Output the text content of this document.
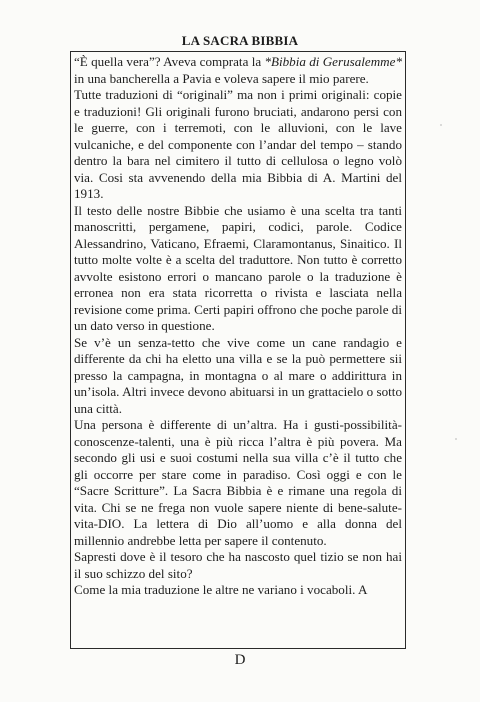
LA SACRA BIBBIA

“È quella vera”? Aveva comprata la *Bibbia di Gerusalemme* in una bancherella a Pavia e voleva sapere il mio parere.

Tutte traduzioni di “originali” ma non i primi originali: copie e traduzioni! Gli originali furono bruciati, andarono persi con le guerre, con i terremoti, con le alluvioni, con le lave vulcaniche, e del componente con l’andar del tempo – stando dentro la bara nel cimitero il tutto di cellulosa o legno volò via. Cosi sta avvenendo della mia Bibbia di A. Martini del 1913.

Il testo delle nostre Bibbie che usiamo è una scelta tra tanti manoscritti, pergamene, papiri, codici, parole. Codice Alessandrino, Vaticano, Efraemi, Claramontanus, Sinaitico. Il tutto molte volte è a scelta del traduttore. Non tutto è corretto avvolte esistono errori o mancano parole o la traduzione è erronea non era stata ricorretta o rivista e lasciata nella revisione come prima. Certi papiri offrono che poche parole di un dato verso in questione.

Se v’è un senza-tetto che vive come un cane randagio e differente da chi ha eletto una villa e se la può permettere sii presso la campagna, in montagna o al mare o addirittura in un’isola. Altri invece devono abituarsi in un grattacielo o sotto una città.

Una persona è differente di un’altra. Ha i gusti-possibilità-conoscenze-talenti, una è più ricca l’altra è più povera. Ma secondo gli usi e suoi costumi nella sua villa c’è il tutto che gli occorre per stare come in paradiso. Così oggi e con le “Sacre Scritture”. La Sacra Bibbia è e rimane una regola di vita. Chi se ne frega non vuole sapere niente di bene-salute-vita-DIO. La lettera di Dio all’uomo e alla donna del millennio andrebbe letta per sapere il contenuto.

Sapresti dove è il tesoro che ha nascosto quel tizio se non hai il suo schizzo del sito?

Come la mia traduzione le altre ne variano i vocaboli. A

D
